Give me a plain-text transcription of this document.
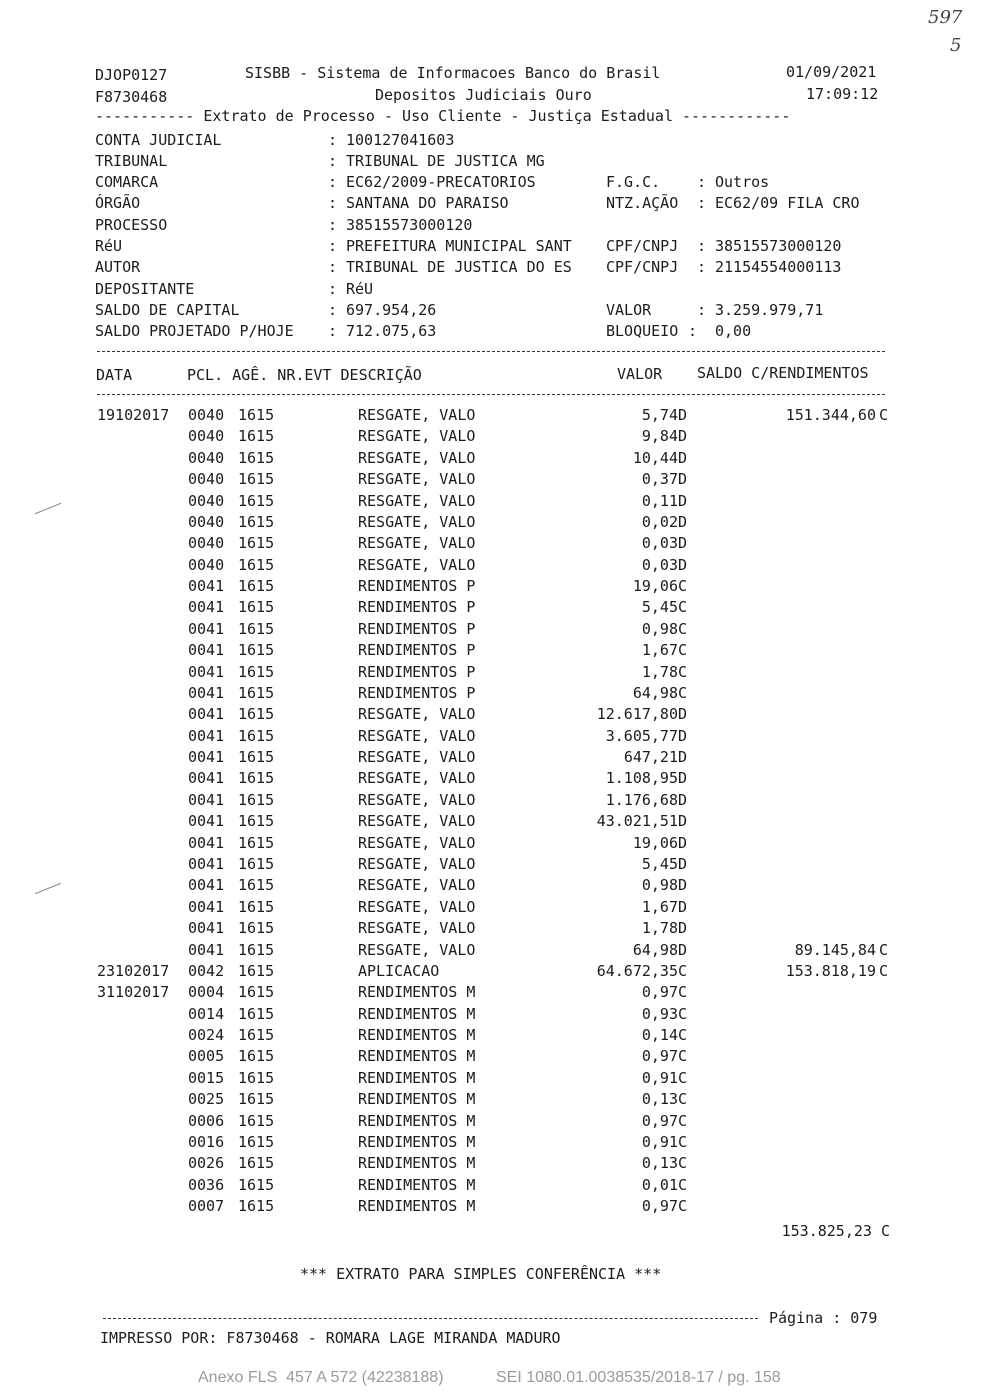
597
5
DJOP0127
F8730468
SISBB - Sistema de Informacoes Banco do Brasil
Depositos Judiciais Ouro
01/09/2021
17:09:12
----------- Extrato de Processo - Uso Cliente - Justiça Estadual ------------
CONTA JUDICIAL	: 100127041603
TRIBUNAL	: TRIBUNAL DE JUSTICA MG
COMARCA	: EC62/2009-PRECATORIOS	F.G.C. : Outros
ÓRGÃO	: SANTANA DO PARAISO	NTZ.AÇÃO : EC62/09 FILA CRO
PROCESSO	: 38515573000120
RéU	: PREFEITURA MUNICIPAL SANT CPF/CNPJ : 38515573000120
AUTOR	: TRIBUNAL DE JUSTICA DO ES CPF/CNPJ : 21154554000113
DEPOSITANTE	: RéU
SALDO DE CAPITAL	: 697.954,26	VALOR	: 3.259.979,71
SALDO PROJETADO P/HOJE : 712.075,63	BLOQUEIO : 0,00
DATA	PCL. AGÊ. NR.EVT DESCRIÇÃO	VALOR SALDO C/RENDIMENTOS
19102017 0040 1615	RESGATE, VALO	5,74 D	151.344,60 C
0040 1615	RESGATE, VALO	9,84 D
0040 1615	RESGATE, VALO	10,44 D
0040 1615	RESGATE, VALO	0,37 D
0040 1615	RESGATE, VALO	0,11 D
0040 1615	RESGATE, VALO	0,02 D
0040 1615	RESGATE, VALO	0,03 D
0040 1615	RESGATE, VALO	0,03 D
0041 1615	RENDIMENTOS P	19,06 C
0041 1615	RENDIMENTOS P	5,45 C
0041 1615	RENDIMENTOS P	0,98 C
0041 1615	RENDIMENTOS P	1,67 C
0041 1615	RENDIMENTOS P	1,78 C
0041 1615	RENDIMENTOS P	64,98 C
0041 1615	RESGATE, VALO	12.617,80 D
0041 1615	RESGATE, VALO	3.605,77 D
0041 1615	RESGATE, VALO	647,21 D
0041 1615	RESGATE, VALO	1.108,95 D
0041 1615	RESGATE, VALO	1.176,68 D
0041 1615	RESGATE, VALO	43.021,51 D
0041 1615	RESGATE, VALO	19,06 D
0041 1615	RESGATE, VALO	5,45 D
0041 1615	RESGATE, VALO	0,98 D
0041 1615	RESGATE, VALO	1,67 D
0041 1615	RESGATE, VALO	1,78 D
0041 1615	RESGATE, VALO	64,98 D	89.145,84 C
23102017 0042 1615	APLICACAO	64.672,35 C	153.818,19 C
31102017 0004 1615	RENDIMENTOS M	0,97 C
0014 1615	RENDIMENTOS M	0,93 C
0024 1615	RENDIMENTOS M	0,14 C
0005 1615	RENDIMENTOS M	0,97 C
0015 1615	RENDIMENTOS M	0,91 C
0025 1615	RENDIMENTOS M	0,13 C
0006 1615	RENDIMENTOS M	0,97 C
0016 1615	RENDIMENTOS M	0,91 C
0026 1615	RENDIMENTOS M	0,13 C
0036 1615	RENDIMENTOS M	0,01 C
0007 1615	RENDIMENTOS M	0,97 C
153.825,23 C
*** EXTRATO PARA SIMPLES CONFERÊNCIA ***
Página : 079
IMPRESSO POR: F8730468 - ROMARA LAGE MIRANDA MADURO
Anexo FLS  457 A 572 (42238188)	SEI 1080.01.0038535/2018-17 / pg. 158
